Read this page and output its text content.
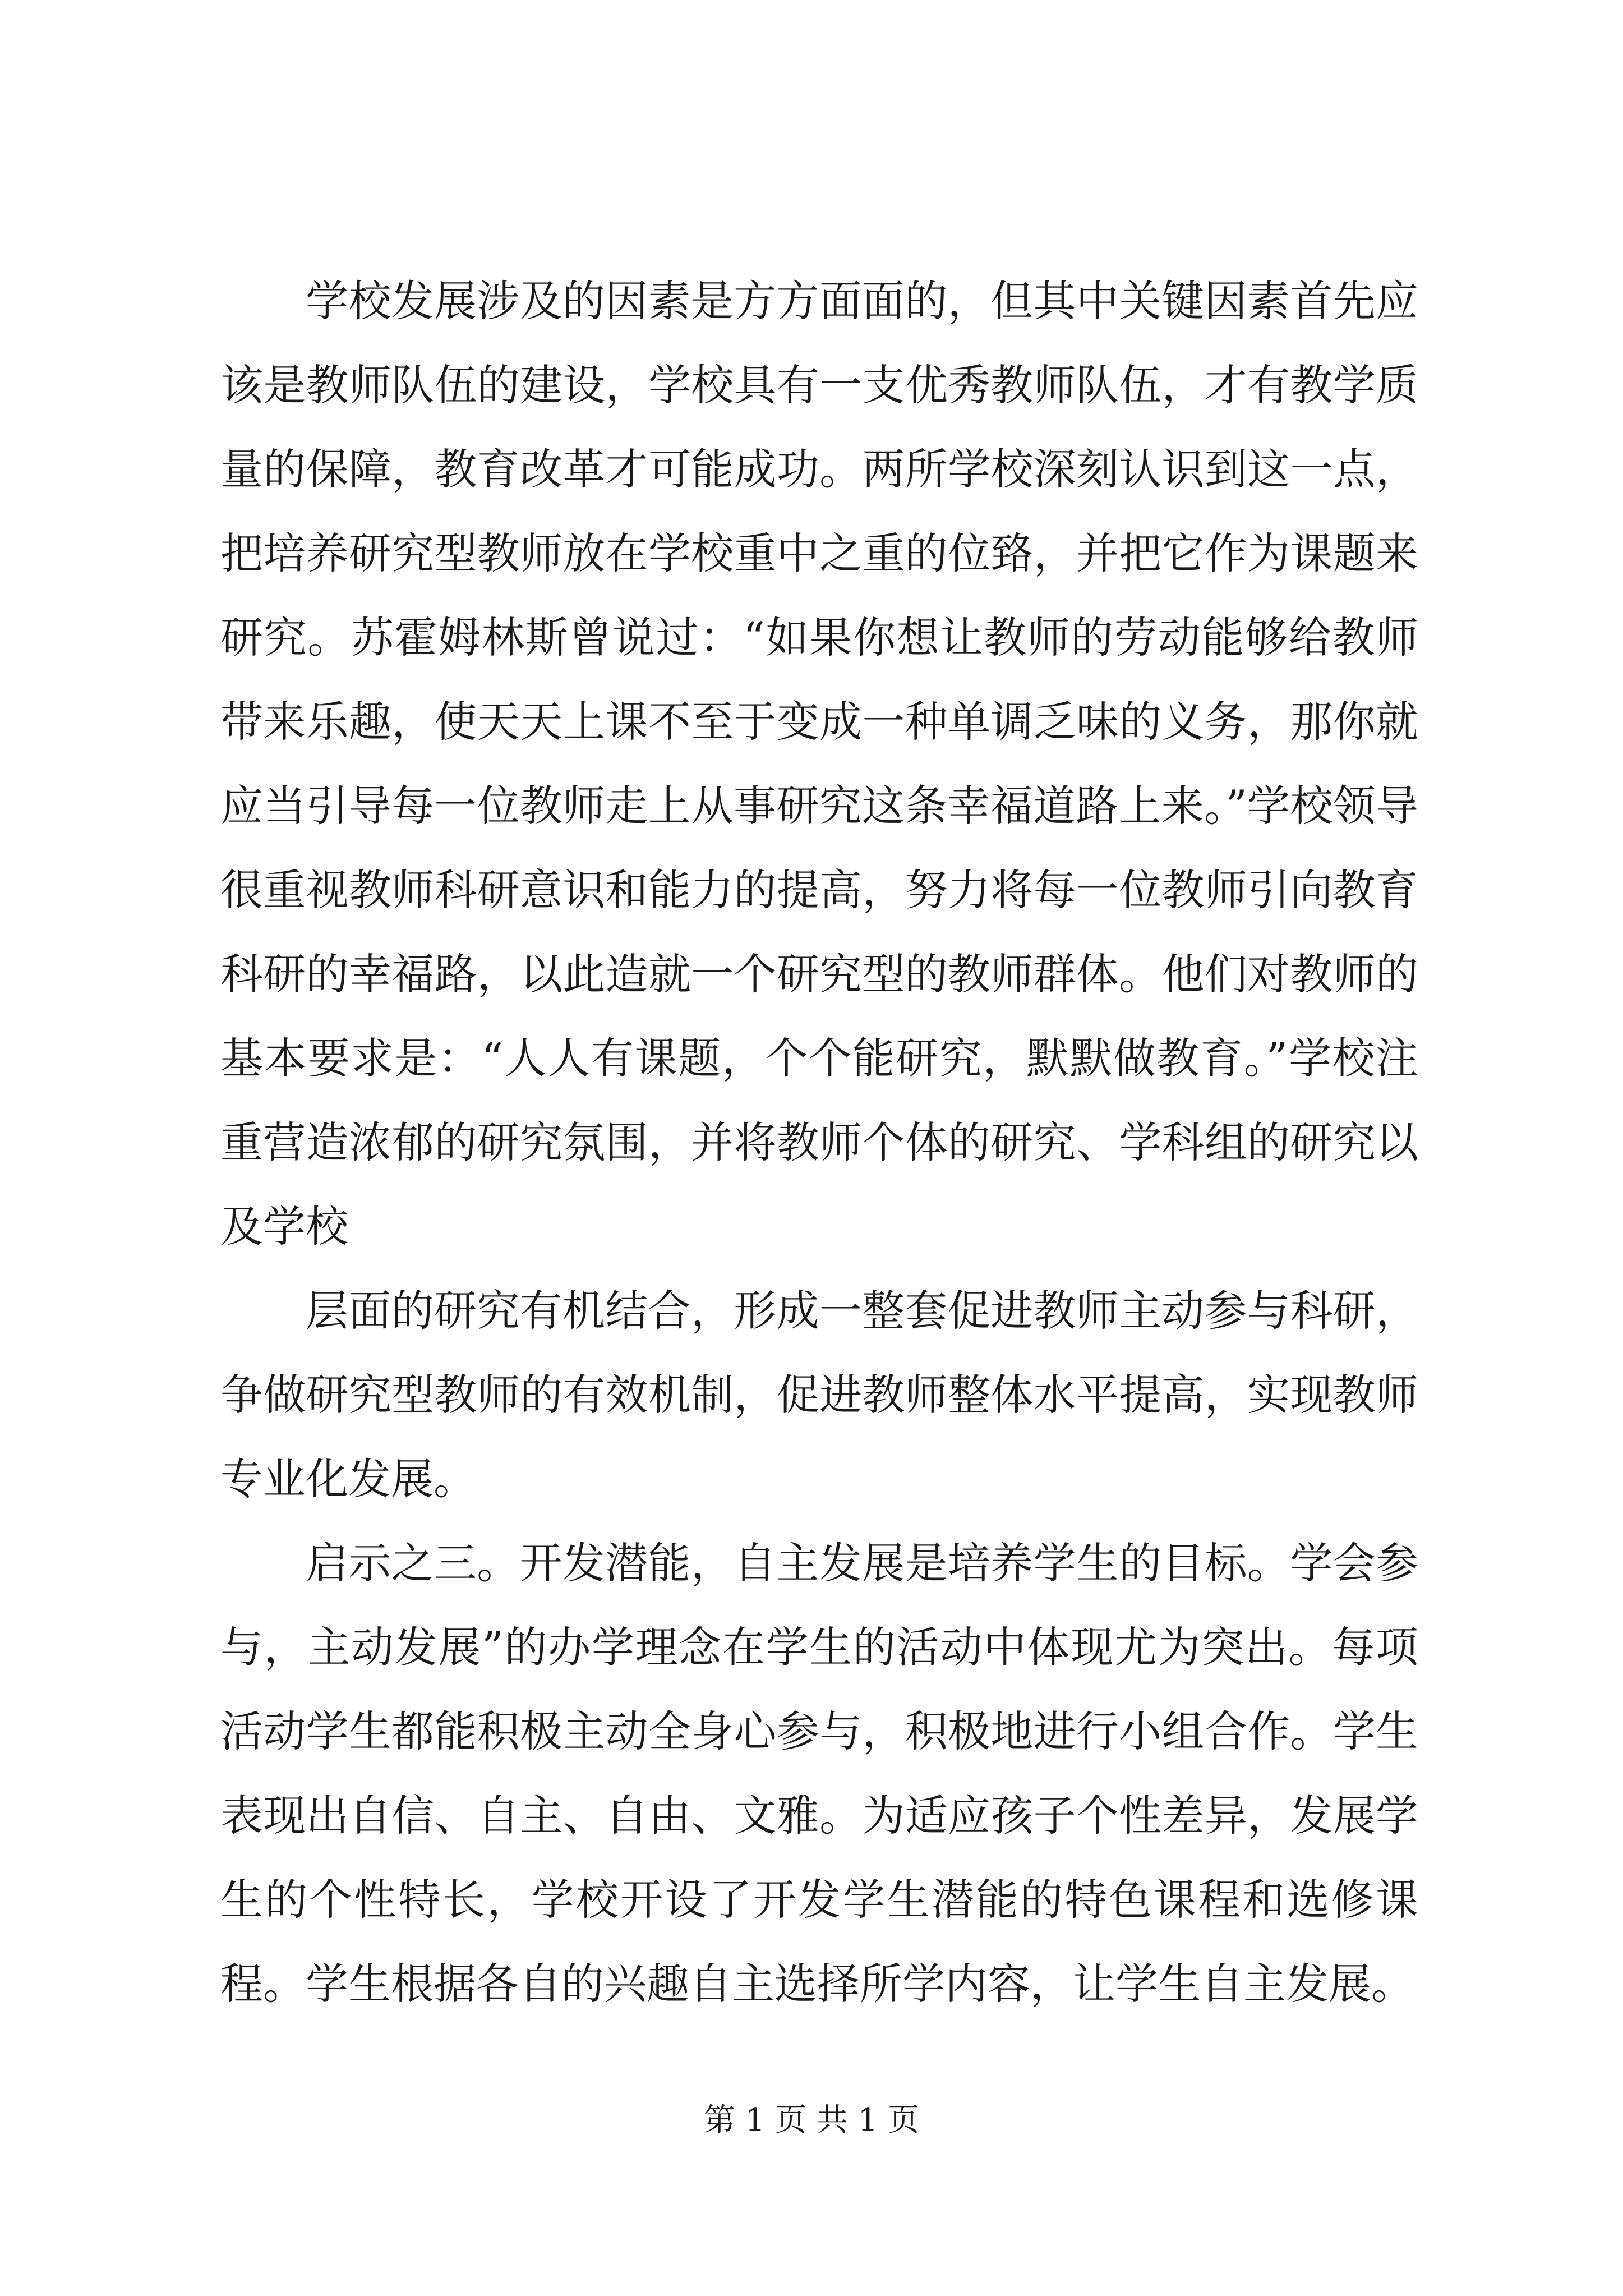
学校发展涉及的因素是方方面面的，但其中关键因素首先应该是教师队伍的建设，学校具有一支优秀教师队伍，才有教学质量的保障，教育改革才可能成功。两所学校深刻认识到这一点，把培养研究型教师放在学校重中之重的位臵，并把它作为课题来研究。苏霍姆林斯曾说过：“如果你想让教师的劳动能够给教师带来乐趣，使天天上课不至于变成一种单调乏味的义务，那你就应当引导每一位教师走上从事研究这条幸福道路上来。”学校领导很重视教师科研意识和能力的提高，努力将每一位教师引向教育科研的幸福路，以此造就一个研究型的教师群体。他们对教师的基本要求是：“人人有课题，个个能研究，默默做教育。”学校注重营造浓郁的研究氛围，并将教师个体的研究、学科组的研究以及学校

层面的研究有机结合，形成一整套促进教师主动参与科研，争做研究型教师的有效机制，促进教师整体水平提高，实现教师专业化发展。

启示之三。开发潜能，自主发展是培养学生的目标。学会参与，主动发展”的办学理念在学生的活动中体现尤为突出。每项活动学生都能积极主动全身心参与，积极地进行小组合作。学生表现出自信、自主、自由、文雅。为适应孩子个性差异，发展学生的个性特长，学校开设了开发学生潜能的特色课程和选修课程。学生根据各自的兴趣自主选择所学内容，让学生自主发展。

第 1 页 共 1 页
